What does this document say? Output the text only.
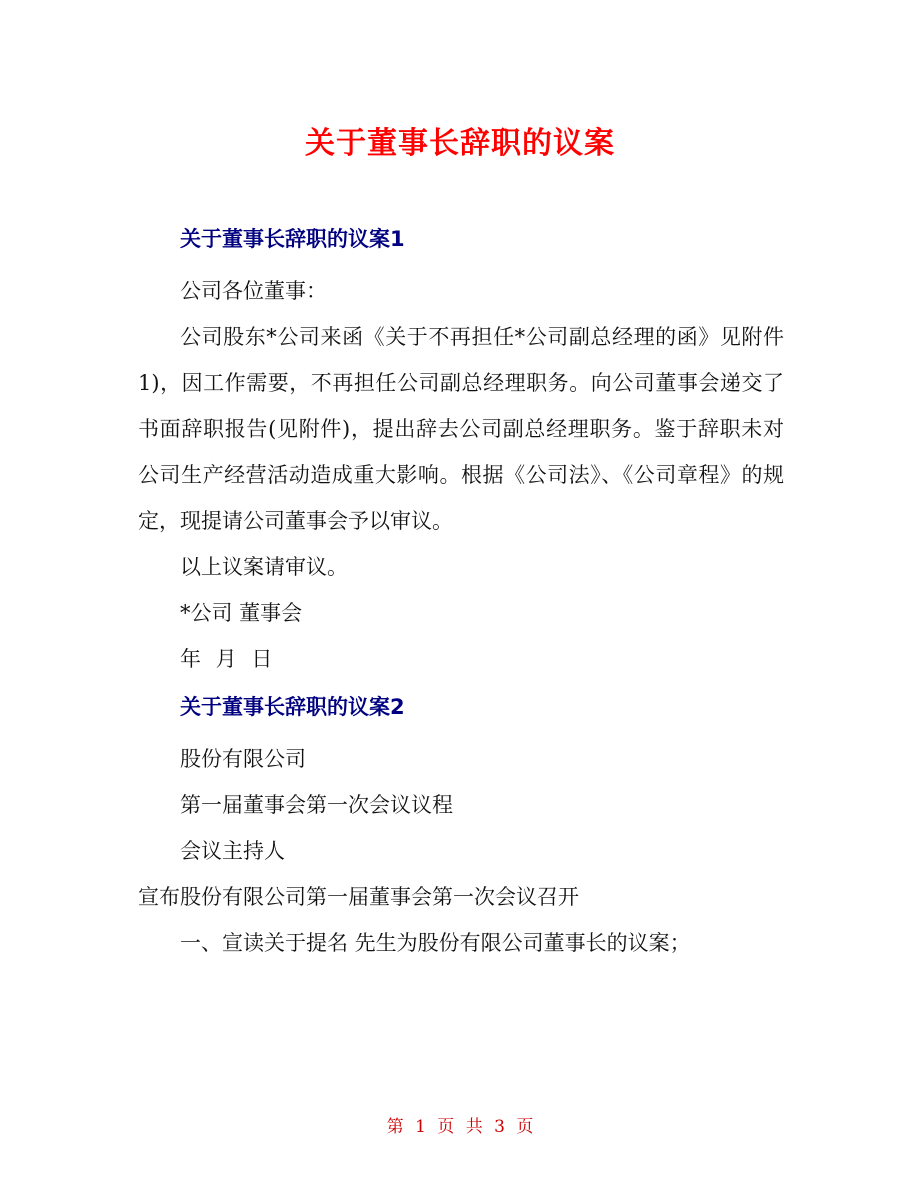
关于董事长辞职的议案
关于董事长辞职的议案1

公司各位董事：

公司股东*公司来函《关于不再担任*公司副总经理的函》见附件1)，因工作需要，不再担任公司副总经理职务。向公司董事会递交了书面辞职报告(见附件)，提出辞去公司副总经理职务。鉴于辞职未对公司生产经营活动造成重大影响。根据《公司法》、《公司章程》的规定，现提请公司董事会予以审议。

以上议案请审议。

*公司 董事会

年 月 日

关于董事长辞职的议案2

股份有限公司

第一届董事会第一次会议议程

会议主持人

宣布股份有限公司第一届董事会第一次会议召开

一、宣读关于提名 先生为股份有限公司董事长的议案；

第 1 页 共 3 页
